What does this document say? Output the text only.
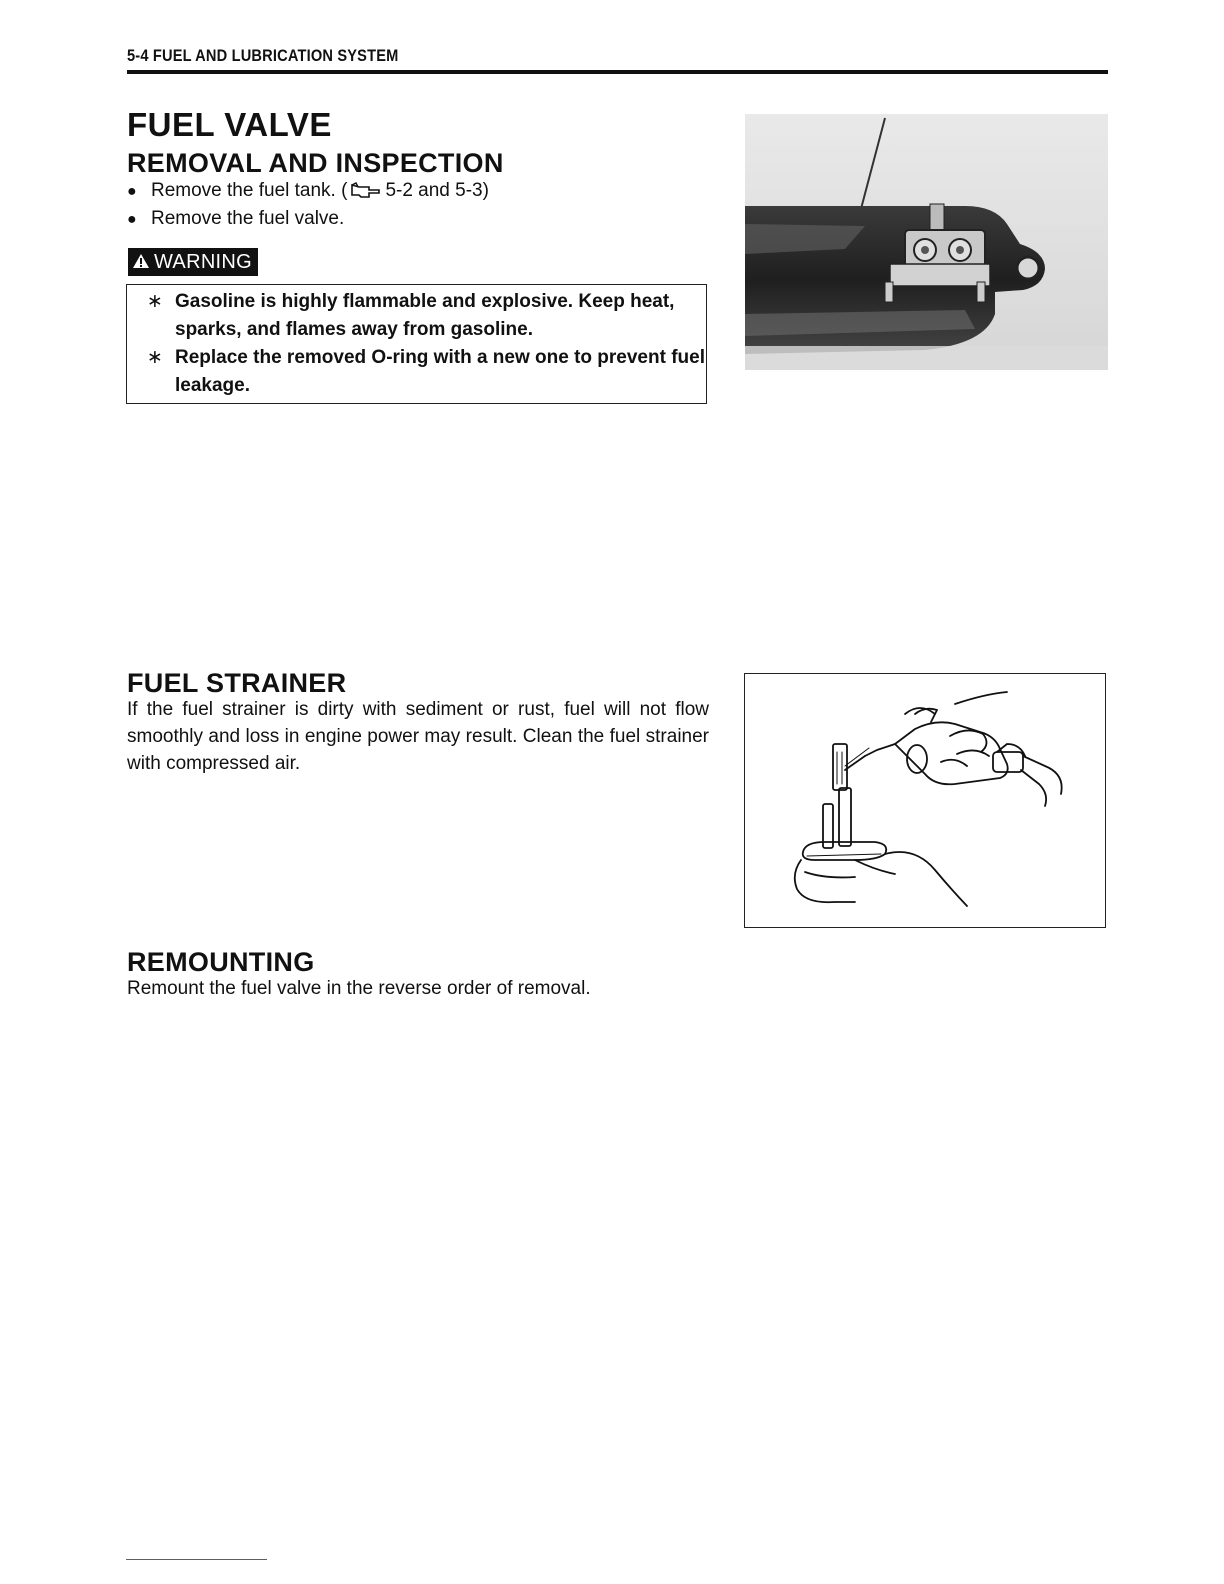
5-4 FUEL AND LUBRICATION SYSTEM
FUEL VALVE
REMOVAL AND INSPECTION
● Remove the fuel tank. ( 5-2 and 5-3)
● Remove the fuel valve.
WARNING
∗ Gasoline is highly flammable and explosive. Keep heat, sparks, and flames away from gasoline.
∗ Replace the removed O-ring with a new one to prevent fuel leakage.
FUEL STRAINER

If the fuel strainer is dirty with sediment or rust, fuel will not flow smoothly and loss in engine power may result. Clean the fuel strainer with compressed air.

REMOUNTING

Remount the fuel valve in the reverse order of removal.
